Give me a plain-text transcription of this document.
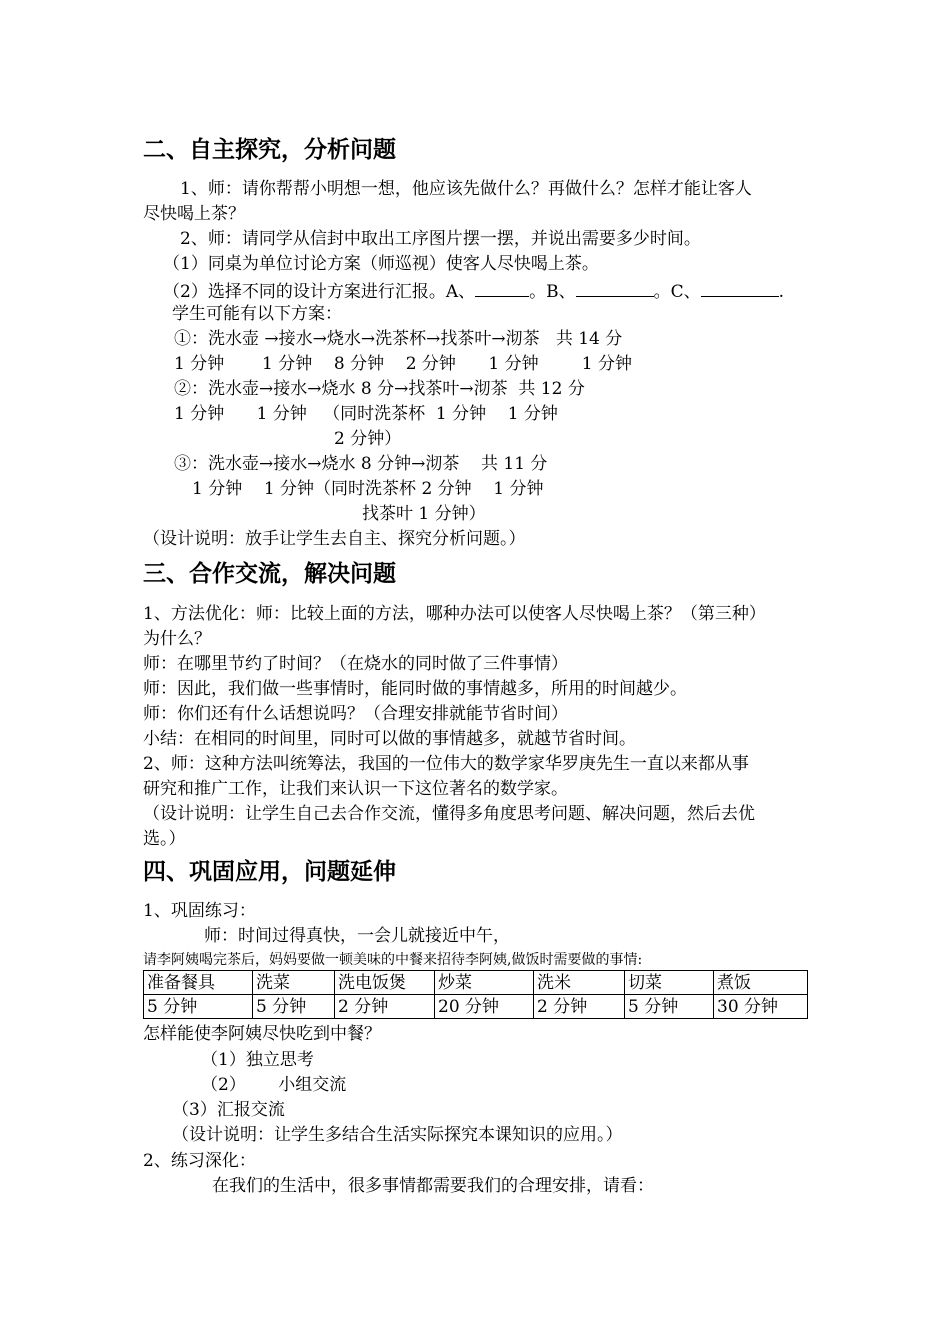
二、自主探究，分析问题
1、师：请你帮帮小明想一想，他应该先做什么？再做什么？怎样才能让客人
尽快喝上茶？
2、师：请同学从信封中取出工序图片摆一摆，并说出需要多少时间。
（1）同桌为单位讨论方案（师巡视）使客人尽快喝上茶。
（2）选择不同的设计方案进行汇报。A、	。B、	。C、	.
学生可能有以下方案：
①：洗水壶 →接水→烧水→洗茶杯→找茶叶→沏茶   共 14 分
1 分钟       1 分钟    8 分钟    2 分钟      1 分钟        1 分钟
②：洗水壶→接水→烧水 8 分→找茶叶→沏茶  共 12 分
1 分钟      1 分钟   （同时洗茶杯  1 分钟    1 分钟
2 分钟）
③：洗水壶→接水→烧水 8 分钟→沏茶    共 11 分
1 分钟    1 分钟（同时洗茶杯 2 分钟    1 分钟
找茶叶 1 分钟）
（设计说明：放手让学生去自主、探究分析问题。）
三、合作交流，解决问题
1、方法优化：师：比较上面的方法，哪种办法可以使客人尽快喝上茶？（第三种）
为什么？
师：在哪里节约了时间？（在烧水的同时做了三件事情）
师：因此，我们做一些事情时，能同时做的事情越多，所用的时间越少。
师：你们还有什么话想说吗？（合理安排就能节省时间）
小结：在相同的时间里，同时可以做的事情越多，就越节省时间。
2、师：这种方法叫统筹法，我国的一位伟大的数学家华罗庚先生一直以来都从事
研究和推广工作，让我们来认识一下这位著名的数学家。
（设计说明：让学生自己去合作交流，懂得多角度思考问题、解决问题，然后去优
选。）
四、巩固应用，问题延伸
1、巩固练习：
师：时间过得真快，一会儿就接近中午，
请李阿姨喝完茶后，妈妈要做一顿美味的中餐来招待李阿姨,做饭时需要做的事情:
准备餐具	洗菜	洗电饭煲	炒菜	洗米	切菜	煮饭
5 分钟	5 分钟	2 分钟	20 分钟	2 分钟	5 分钟	30 分钟
怎样能使李阿姨尽快吃到中餐？
（1）独立思考
（2）      小组交流
（3）汇报交流
（设计说明：让学生多结合生活实际探究本课知识的应用。）
2、练习深化：
在我们的生活中，很多事情都需要我们的合理安排，请看：
